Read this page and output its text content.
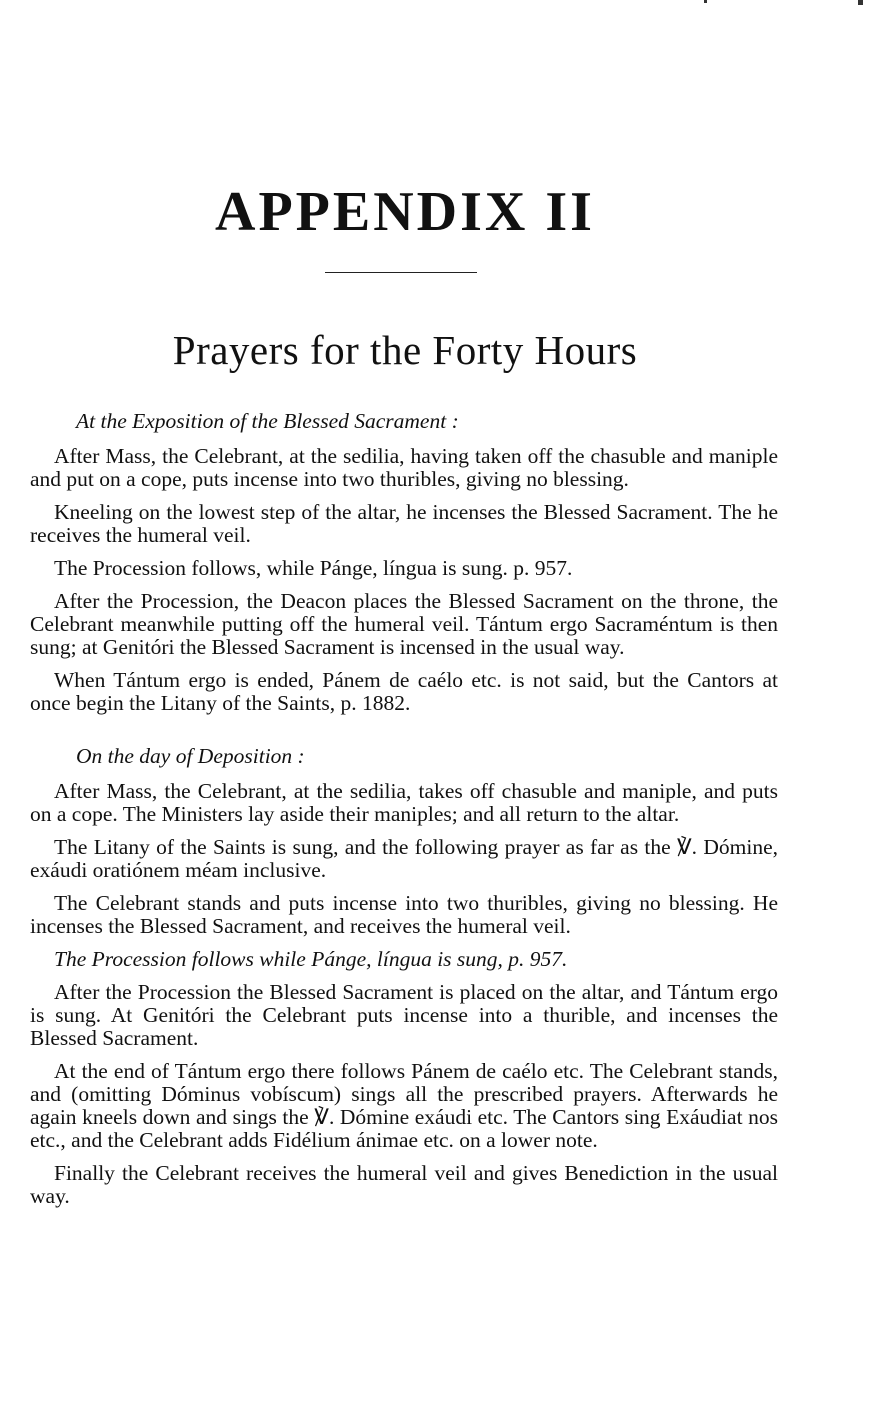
APPENDIX II
Prayers for the Forty Hours

At the Exposition of the Blessed Sacrament :

After Mass, the Celebrant, at the sedilia, having taken off the chasuble and maniple and put on a cope, puts incense into two thuribles, giving no blessing.

Kneeling on the lowest step of the altar, he incenses the Blessed Sacrament. The he receives the humeral veil.

The Procession follows, while Pánge, língua is sung. p. 957.

After the Procession, the Deacon places the Blessed Sacrament on the throne, the Celebrant meanwhile putting off the humeral veil. Tántum ergo Sacraméntum is then sung; at Genitóri the Blessed Sacrament is incensed in the usual way.

When Tántum ergo is ended, Pánem de caélo etc. is not said, but the Cantors at once begin the Litany of the Saints, p. 1882.

On the day of Deposition :

After Mass, the Celebrant, at the sedilia, takes off chasuble and maniple, and puts on a cope. The Ministers lay aside their maniples; and all return to the altar.

The Litany of the Saints is sung, and the following prayer as far as the ℣. Dómine, exáudi oratiónem méam inclusive.

The Celebrant stands and puts incense into two thuribles, giving no blessing. He incenses the Blessed Sacrament, and receives the humeral veil.

The Procession follows while Pánge, língua is sung, p. 957.

After the Procession the Blessed Sacrament is placed on the altar, and Tántum ergo is sung. At Genitóri the Celebrant puts incense into a thurible, and incenses the Blessed Sacrament.

At the end of Tántum ergo there follows Pánem de caélo etc. The Celebrant stands, and (omitting Dóminus vobíscum) sings all the prescribed prayers. Afterwards he again kneels down and sings the ℣. Dómine exáudi etc. The Cantors sing Exáudiat nos etc., and the Celebrant adds Fidélium ánimae etc. on a lower note.

Finally the Celebrant receives the humeral veil and gives Benediction in the usual way.
